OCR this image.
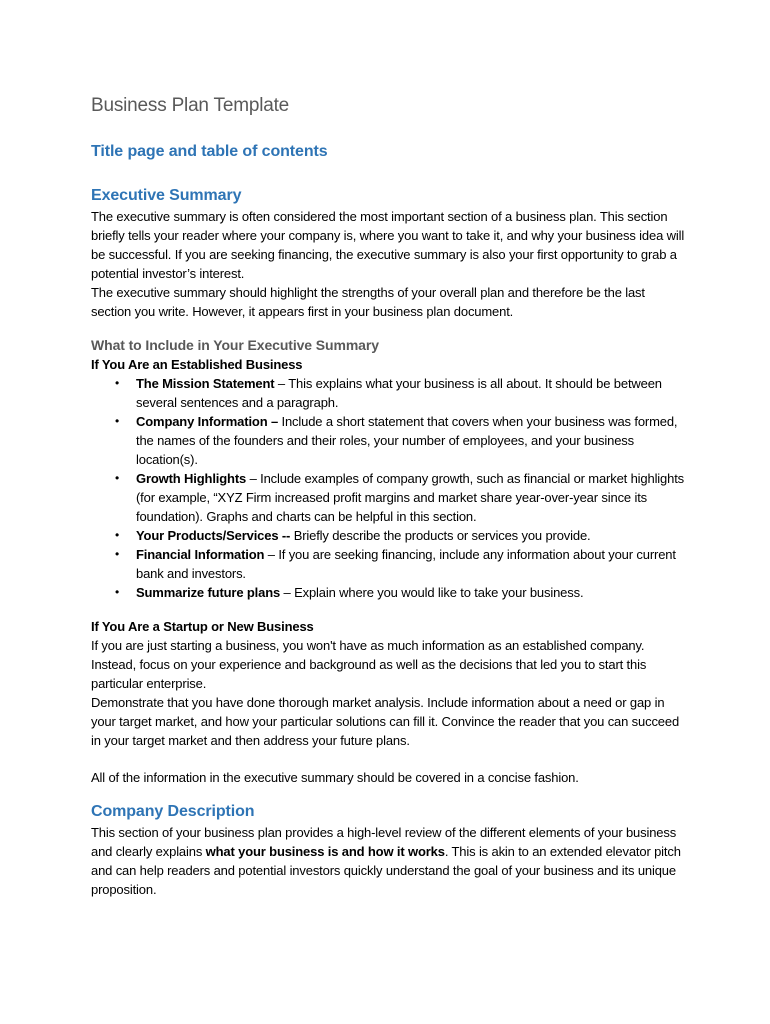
Business Plan Template
Title page and table of contents
Executive Summary

The executive summary is often considered the most important section of a business plan. This section briefly tells your reader where your company is, where you want to take it, and why your business idea will be successful. If you are seeking financing, the executive summary is also your first opportunity to grab a potential investor’s interest.

The executive summary should highlight the strengths of your overall plan and therefore be the last section you write. However, it appears first in your business plan document.

What to Include in Your Executive Summary

If You Are an Established Business

• The Mission Statement – This explains what your business is all about. It should be between several sentences and a paragraph.
• Company Information – Include a short statement that covers when your business was formed, the names of the founders and their roles, your number of employees, and your business location(s).
• Growth Highlights – Include examples of company growth, such as financial or market highlights (for example, “XYZ Firm increased profit margins and market share year-over-year since its foundation). Graphs and charts can be helpful in this section.
• Your Products/Services -- Briefly describe the products or services you provide.
• Financial Information – If you are seeking financing, include any information about your current bank and investors.
• Summarize future plans – Explain where you would like to take your business.

If You Are a Startup or New Business

If you are just starting a business, you won't have as much information as an established company. Instead, focus on your experience and background as well as the decisions that led you to start this particular enterprise.

Demonstrate that you have done thorough market analysis. Include information about a need or gap in your target market, and how your particular solutions can fill it. Convince the reader that you can succeed in your target market and then address your future plans.

All of the information in the executive summary should be covered in a concise fashion.

Company Description

This section of your business plan provides a high-level review of the different elements of your business and clearly explains what your business is and how it works. This is akin to an extended elevator pitch and can help readers and potential investors quickly understand the goal of your business and its unique proposition.
